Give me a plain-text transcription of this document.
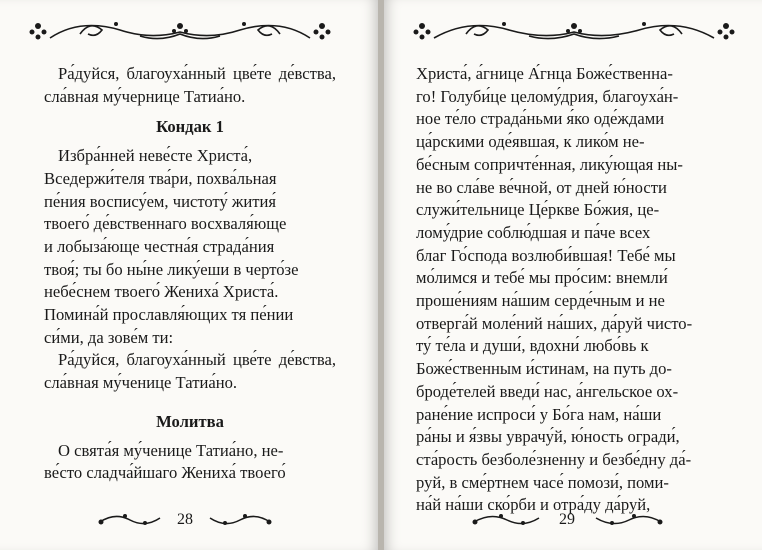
Ра́дуйся, благоуха́нный цве́те де́вства, сла́вная му́чернице Татиа́но.

Кондак 1

Избра́нней неве́сте Христа́,

Вседержи́теля тва́ри, похва́льная

пе́ния воспису́ем, чистоту́ жития́

твоего́ де́вственнаго восхваля́юще

и лобыза́юще честна́я страда́ния

твоя́; ты бо ны́не лику́еши в черто́зе

небе́снем твоего́ Жениха́ Христа́.

Помина́й прославля́ющих тя пе́нии

си́ми, да зове́м ти:

Ра́дуйся, благоуха́нный цве́те де́вства, сла́вная му́ченице Татиа́но.

Молитва

О свята́я му́ченице Татиа́но, не-

ве́сто сладча́йшаго Жениха́ твоего́

28

Христа́, а́гнице А́гнца Боже́ственна-

го! Голуби́це целому́дрия, благоуха́н-

ное те́ло страда́ньми я́ко оде́ждами

ца́рскими оде́явшая, к лико́м не-

бе́сным сопричте́нная, лику́ющая ны-

не во сла́ве ве́чной, от дней ю́ности

служи́тельнице Це́ркве Бо́жия, це-

лому́дрие соблю́дшая и па́че всех

благ Го́спода возлюби́вшая! Тебе́ мы

мо́лимся и тебе́ мы про́сим: внемли́

проше́ниям на́шим серде́чным и не

отверга́й моле́ний на́ших, да́руй чисто-

ту́ те́ла и души́, вдохни́ любо́вь к

Боже́ственным и́стинам, на путь до-

броде́телей введи́ нас, а́нгельское ох-

ране́ние испроси́ у Бо́га нам, на́ши

ра́ны и я́звы уврачу́й, ю́ность огради́,

ста́рость безболе́зненну и безбе́дну да́-

руй, в сме́ртнем часе́ помози́, поми-

на́й на́ши ско́рби и отра́ду да́руй,

29
